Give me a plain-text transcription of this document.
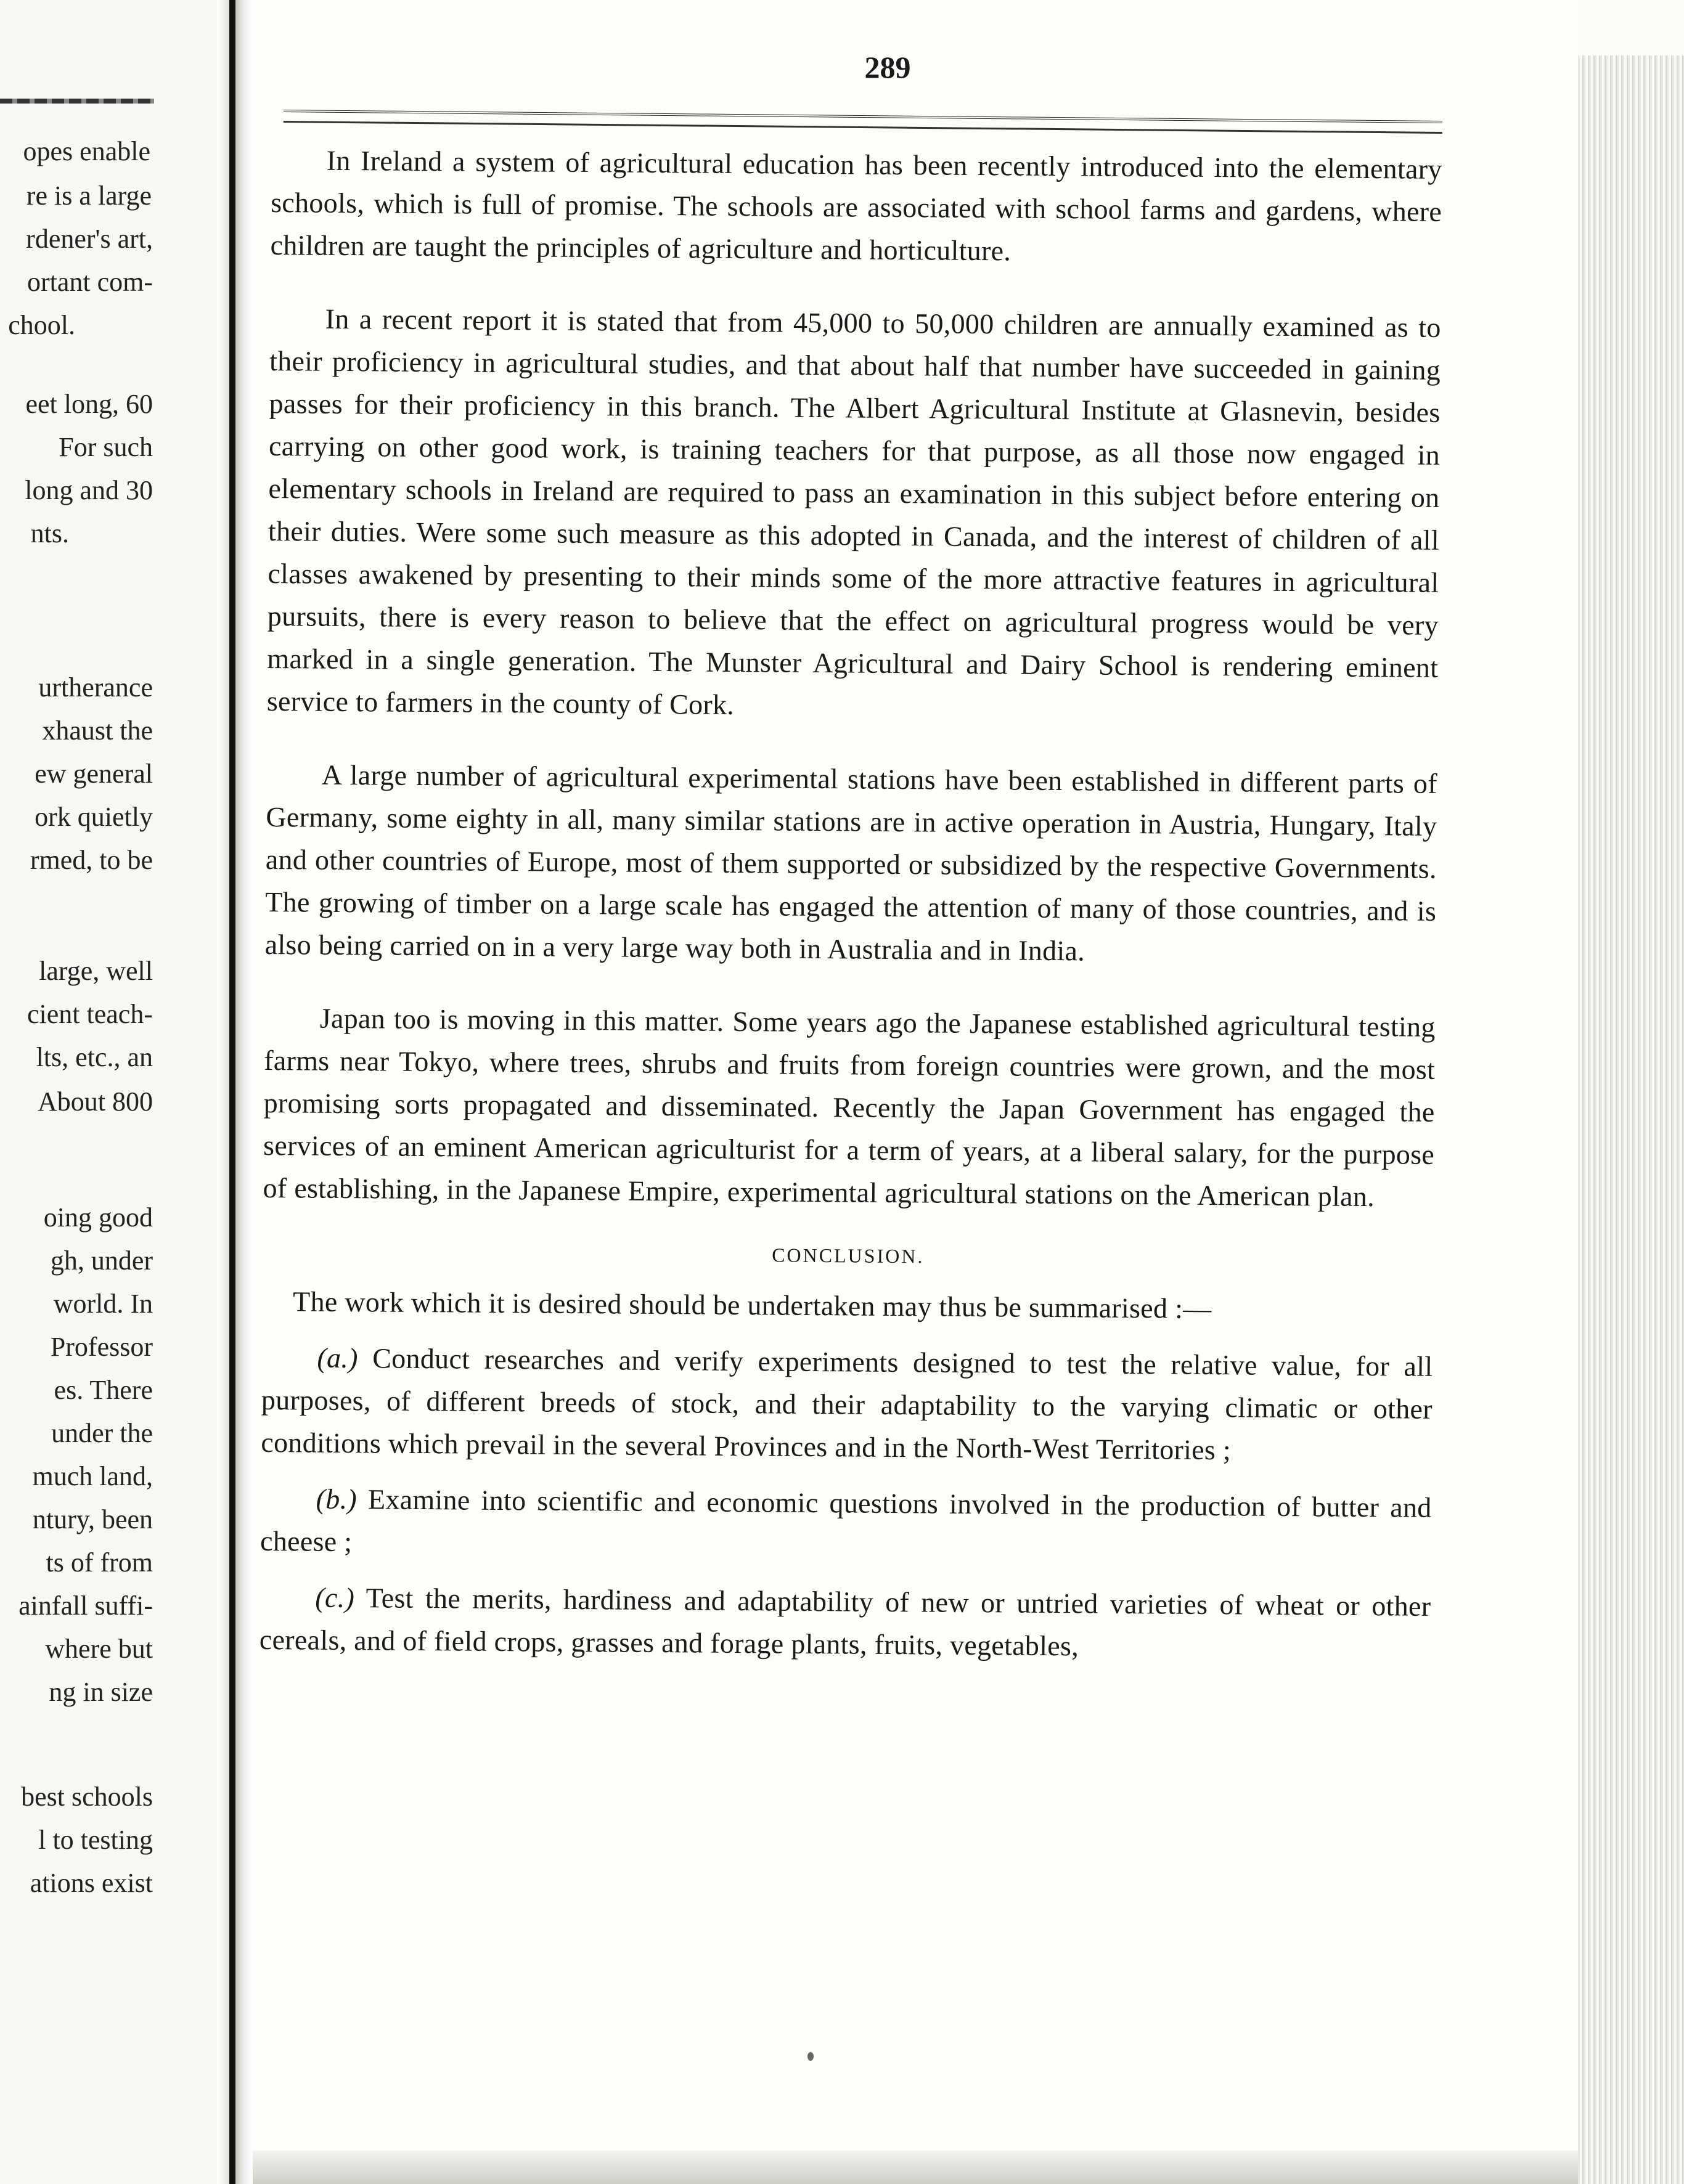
opes enable
re is a large
rdener's art,
ortant com-
chool.
eet long, 60
For such
long and 30
nts.
urtherance
xhaust the
ew general
ork quietly
rmed, to be
large, well
cient teach-
lts, etc., an
About 800
oing good
gh, under
world. In
Professor
es. There
under the
much land,
ntury, been
ts of from
ainfall suffi-
where but
ng in size
best schools
l to testing
ations exist
289

In Ireland a system of agricultural education has been recently introduced into the elementary schools, which is full of promise. The schools are associated with school farms and gardens, where children are taught the principles of agriculture and horticulture.

In a recent report it is stated that from 45,000 to 50,000 children are annually examined as to their proficiency in agricultural studies, and that about half that number have succeeded in gaining passes for their proficiency in this branch. The Albert Agricultural Institute at Glasnevin, besides carrying on other good work, is training teachers for that purpose, as all those now engaged in elementary schools in Ireland are required to pass an examination in this subject before entering on their duties. Were some such measure as this adopted in Canada, and the interest of children of all classes awakened by presenting to their minds some of the more attractive features in agricultural pursuits, there is every reason to believe that the effect on agricultural progress would be very marked in a single generation. The Munster Agricultural and Dairy School is rendering eminent service to farmers in the county of Cork.

A large number of agricultural experimental stations have been established in different parts of Germany, some eighty in all, many similar stations are in active operation in Austria, Hungary, Italy and other countries of Europe, most of them supported or subsidized by the respective Governments. The growing of timber on a large scale has engaged the attention of many of those countries, and is also being carried on in a very large way both in Australia and in India.

Japan too is moving in this matter. Some years ago the Japanese established agricultural testing farms near Tokyo, where trees, shrubs and fruits from foreign countries were grown, and the most promising sorts propagated and disseminated. Recently the Japan Government has engaged the services of an eminent American agriculturist for a term of years, at a liberal salary, for the purpose of establishing, in the Japanese Empire, experimental agricultural stations on the American plan.

CONCLUSION.

The work which it is desired should be undertaken may thus be summarised :—

(a.) Conduct researches and verify experiments designed to test the relative value, for all purposes, of different breeds of stock, and their adaptability to the varying climatic or other conditions which prevail in the several Provinces and in the North-West Territories ;

(b.) Examine into scientific and economic questions involved in the production of butter and cheese ;

(c.) Test the merits, hardiness and adaptability of new or untried varieties of wheat or other cereals, and of field crops, grasses and forage plants, fruits, vegetables,
